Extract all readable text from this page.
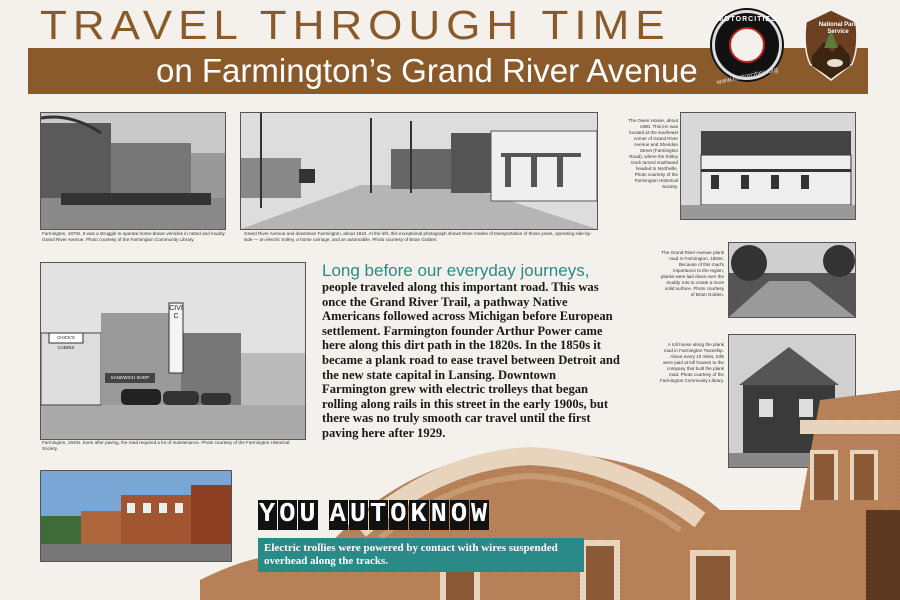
TRAVEL THROUGH TIME
on Farmington’s Grand River Avenue
MOTORCITIES
www.motorcities.org
National Park Service
Farmington, 1870s. It was a struggle to operate horse-drawn vehicles in rutted and muddy Grand River Avenue. Photo courtesy of the Farmington Community Library.
Grand River Avenue and downtown Farmington, about 1910. At the left, this exceptional photograph shows three modes of transportation of those years, operating side-by-side — an electric trolley, a horse carriage, and an automobile. Photo courtesy of Brian Golden.
The Owen House, about 1900. This inn was located at the southeast corner of Grand River Avenue and Sheridan Street (Farmington Road), where the trolley track turned southward headed to Northville. Photo courtesy of the Farmington Historical Society.
CHICK'S CABINS
SANDWICH SHOP
CIVIC
Farmington, 1940s. Even after paving, the road required a lot of maintenance. Photo courtesy of the Farmington Historical Society.
The Grand River Avenue plank road in Farmington, 1850s. Because of this road's importance to the region, planks were laid down over the muddy ruts to create a more solid surface. Photo courtesy of Brian Golden.
A toll house along the plank road in Farmington Township. About every 10 miles, tolls were paid at toll houses to the company that built the plank road. Photo courtesy of the Farmington Community Library.
Long before our everyday journeys,
people traveled along this important road. This was once the Grand River Trail, a pathway Native Americans followed across Michigan before European settlement. Farmington founder Arthur Power came here along this dirt path in the 1820s. In the 1850s it became a plank road to ease travel between Detroit and the new state capital in Lansing. Downtown Farmington grew with electric trolleys that began rolling along rails in this street in the early 1900s, but there was no truly smooth car travel until the first paving here after 1929.
Y O U A U T O K N O W
Electric trollies were powered by contact with wires suspended overhead along the tracks.
